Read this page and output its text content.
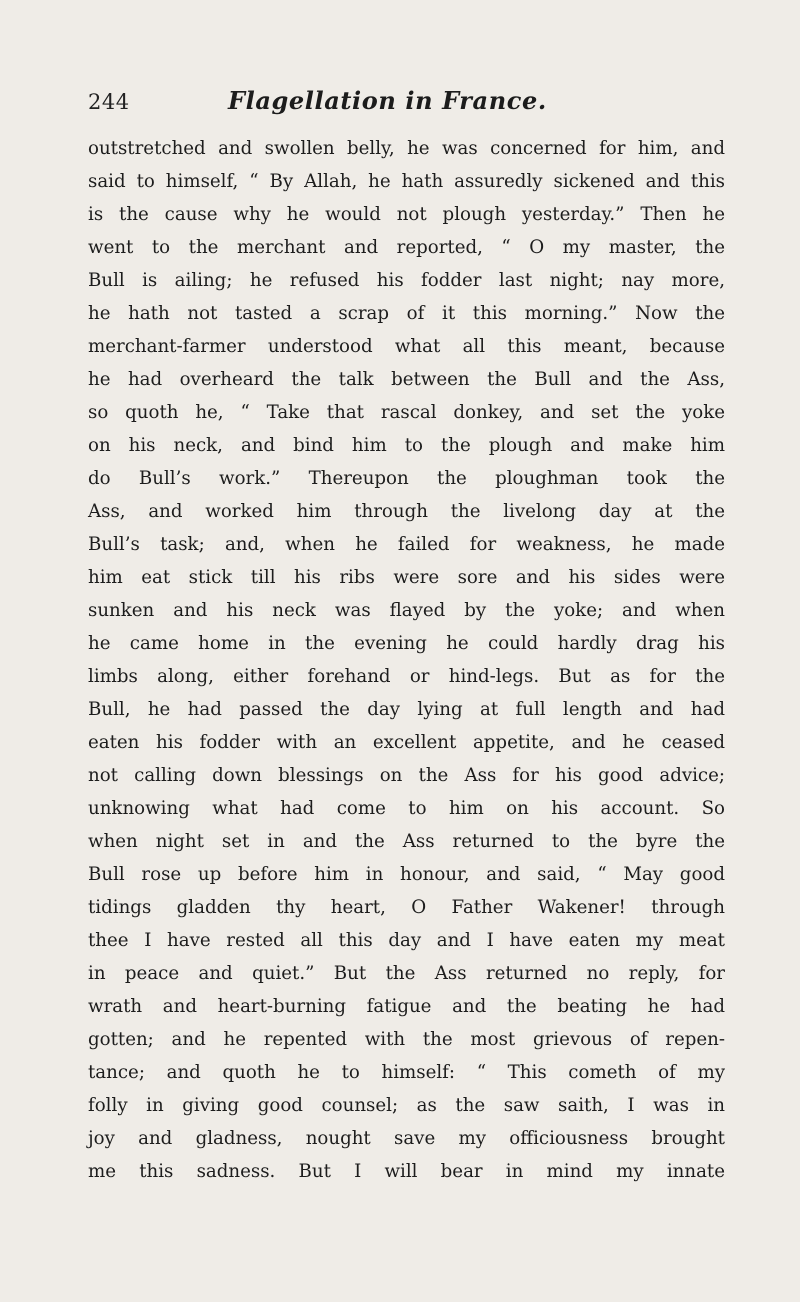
244	Flagellation in France.
outstretched and swollen belly, he was concerned for him, and
said to himself, “ By Allah, he hath assuredly sickened and this
is the cause why he would not plough yesterday.” Then he
went to the merchant and reported, “ O my master, the
Bull is ailing; he refused his fodder last night; nay more,
he hath not tasted a scrap of it this morning.” Now the
merchant-farmer understood what all this meant, because
he had overheard the talk between the Bull and the Ass,
so quoth he, “ Take that rascal donkey, and set the yoke
on his neck, and bind him to the plough and make him
do Bull’s work.” Thereupon the ploughman took the
Ass, and worked him through the livelong day at the
Bull’s task; and, when he failed for weakness, he made
him eat stick till his ribs were sore and his sides were
sunken and his neck was flayed by the yoke; and when
he came home in the evening he could hardly drag his
limbs along, either forehand or hind-legs. But as for the
Bull, he had passed the day lying at full length and had
eaten his fodder with an excellent appetite, and he ceased
not calling down blessings on the Ass for his good advice;
unknowing what had come to him on his account. So
when night set in and the Ass returned to the byre the
Bull rose up before him in honour, and said, “ May good
tidings gladden thy heart, O Father Wakener! through
thee I have rested all this day and I have eaten my meat
in peace and quiet.” But the Ass returned no reply, for
wrath and heart-burning fatigue and the beating he had
gotten; and he repented with the most grievous of repen-
tance; and quoth he to himself: “ This cometh of my
folly in giving good counsel; as the saw saith, I was in
joy and gladness, nought save my officiousness brought
me this sadness. But I will bear in mind my innate
